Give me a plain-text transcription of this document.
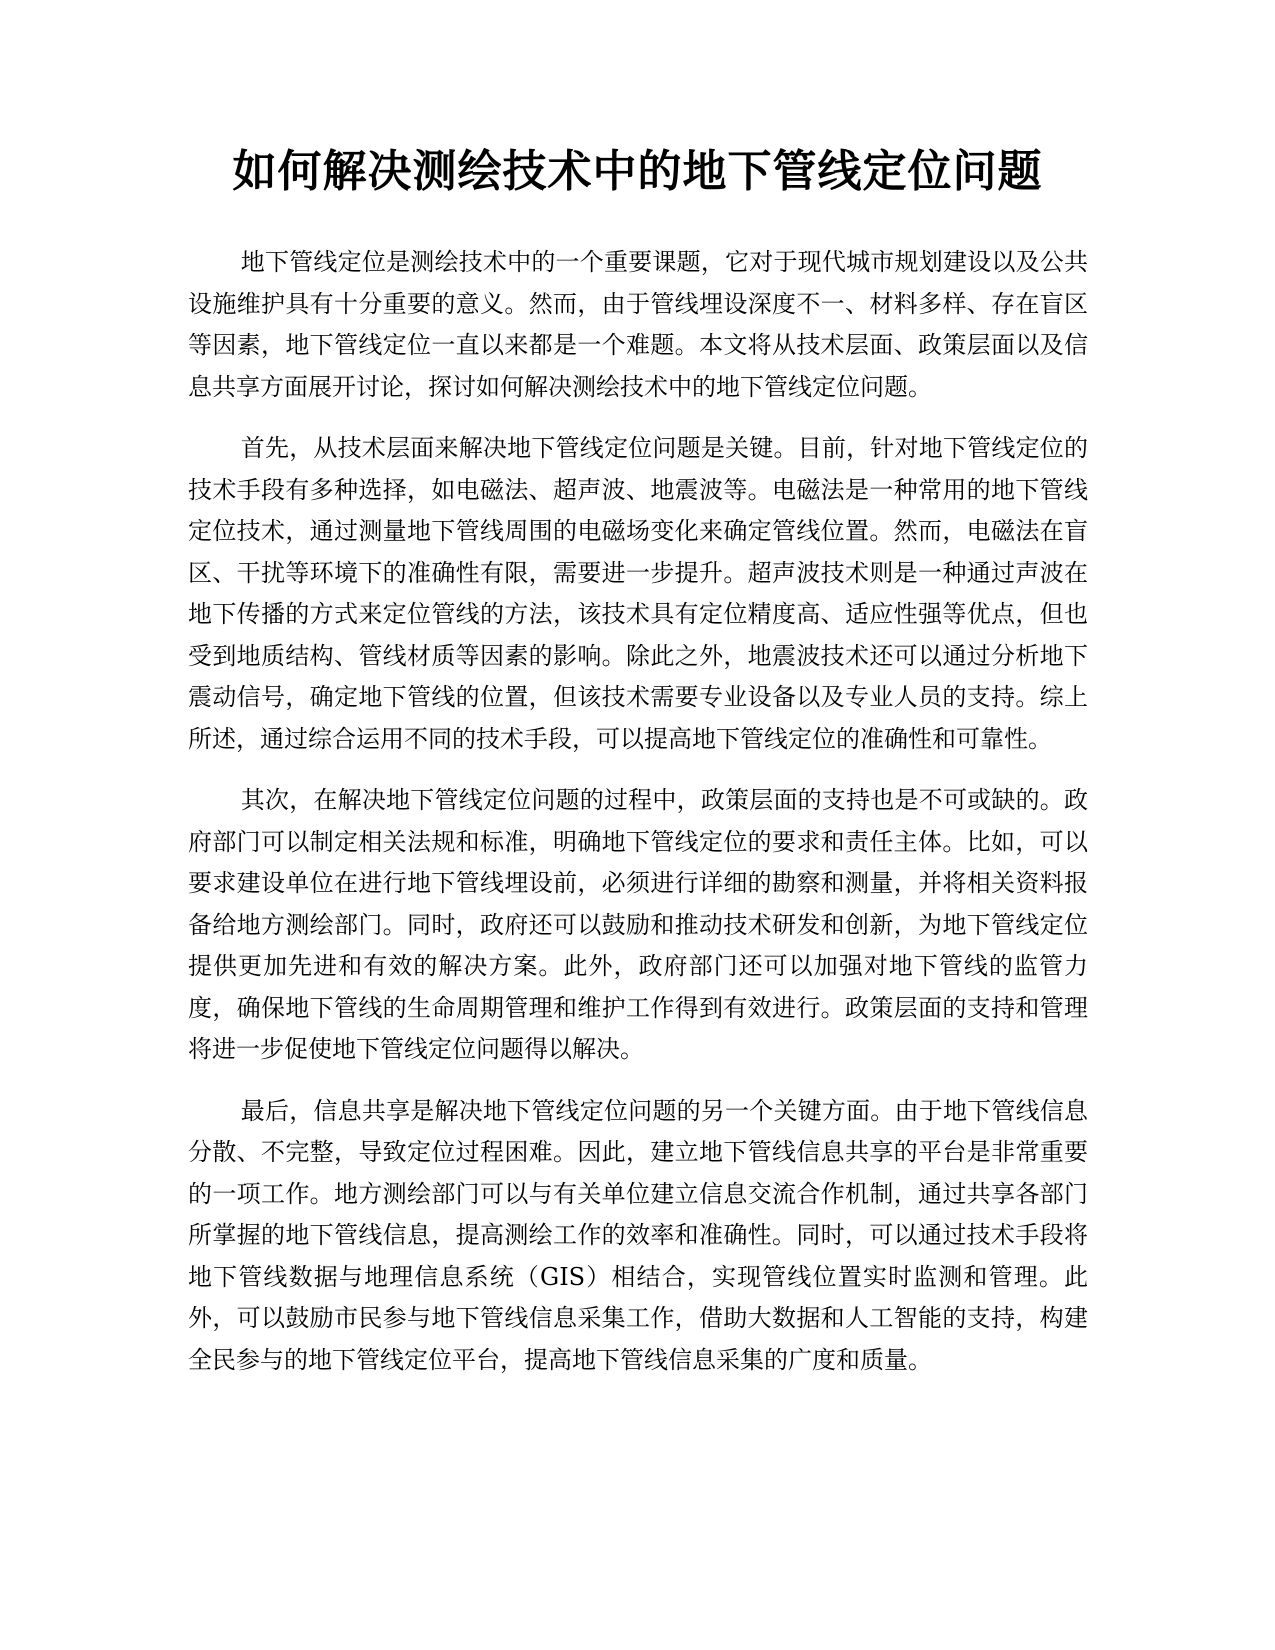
如何解决测绘技术中的地下管线定位问题

地下管线定位是测绘技术中的一个重要课题，它对于现代城市规划建设以及公共设施维护具有十分重要的意义。然而，由于管线埋设深度不一、材料多样、存在盲区等因素，地下管线定位一直以来都是一个难题。本文将从技术层面、政策层面以及信息共享方面展开讨论，探讨如何解决测绘技术中的地下管线定位问题。

首先，从技术层面来解决地下管线定位问题是关键。目前，针对地下管线定位的技术手段有多种选择，如电磁法、超声波、地震波等。电磁法是一种常用的地下管线定位技术，通过测量地下管线周围的电磁场变化来确定管线位置。然而，电磁法在盲区、干扰等环境下的准确性有限，需要进一步提升。超声波技术则是一种通过声波在地下传播的方式来定位管线的方法，该技术具有定位精度高、适应性强等优点，但也受到地质结构、管线材质等因素的影响。除此之外，地震波技术还可以通过分析地下震动信号，确定地下管线的位置，但该技术需要专业设备以及专业人员的支持。综上所述，通过综合运用不同的技术手段，可以提高地下管线定位的准确性和可靠性。

其次，在解决地下管线定位问题的过程中，政策层面的支持也是不可或缺的。政府部门可以制定相关法规和标准，明确地下管线定位的要求和责任主体。比如，可以要求建设单位在进行地下管线埋设前，必须进行详细的勘察和测量，并将相关资料报备给地方测绘部门。同时，政府还可以鼓励和推动技术研发和创新，为地下管线定位提供更加先进和有效的解决方案。此外，政府部门还可以加强对地下管线的监管力度，确保地下管线的生命周期管理和维护工作得到有效进行。政策层面的支持和管理将进一步促使地下管线定位问题得以解决。

最后，信息共享是解决地下管线定位问题的另一个关键方面。由于地下管线信息分散、不完整，导致定位过程困难。因此，建立地下管线信息共享的平台是非常重要的一项工作。地方测绘部门可以与有关单位建立信息交流合作机制，通过共享各部门所掌握的地下管线信息，提高测绘工作的效率和准确性。同时，可以通过技术手段将地下管线数据与地理信息系统（GIS）相结合，实现管线位置实时监测和管理。此外，可以鼓励市民参与地下管线信息采集工作，借助大数据和人工智能的支持，构建全民参与的地下管线定位平台，提高地下管线信息采集的广度和质量。
